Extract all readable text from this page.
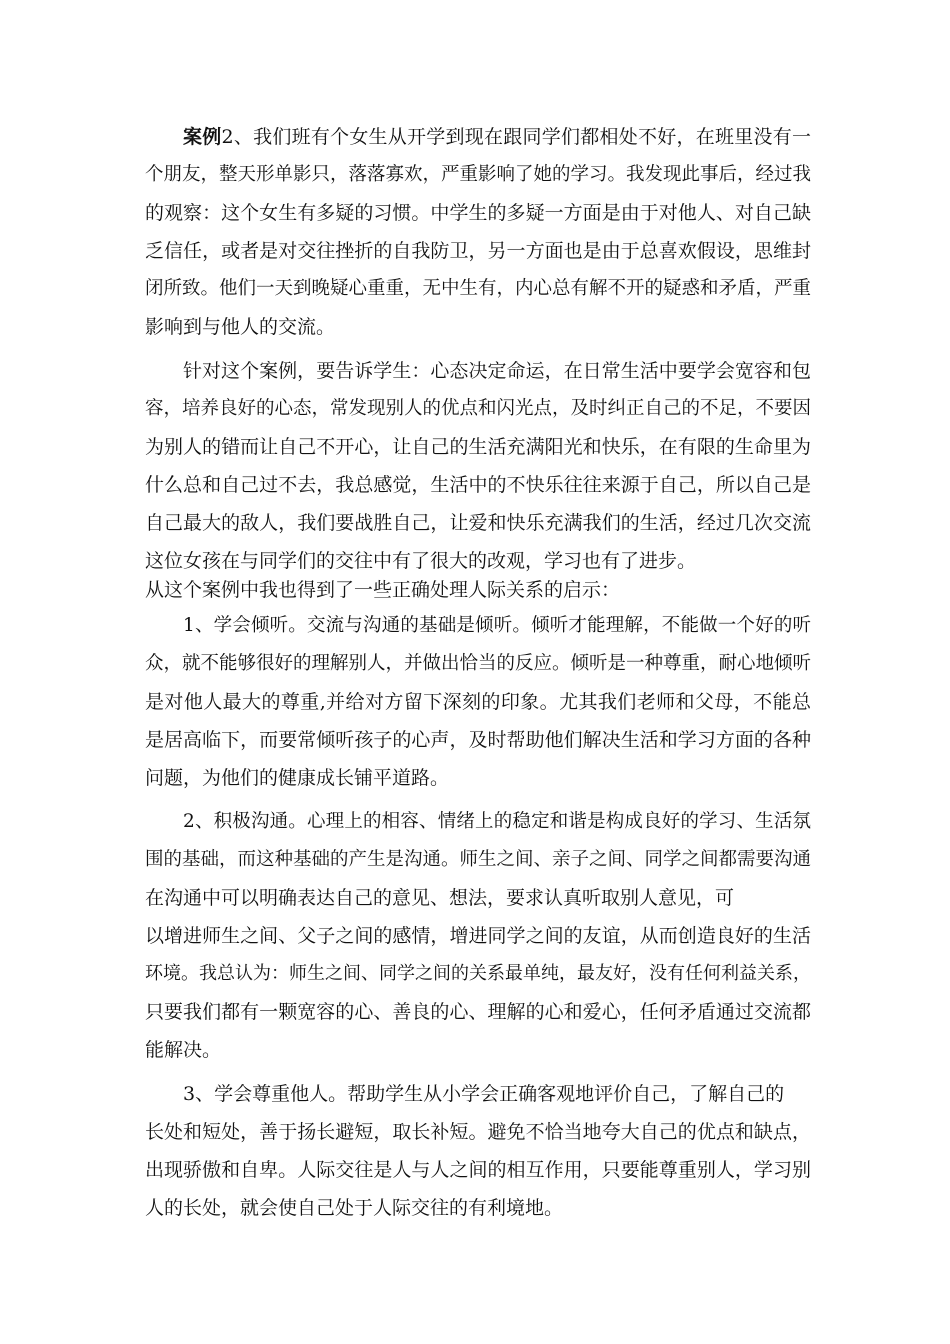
案例2、我们班有个女生从开学到现在跟同学们都相处不好，在班里没有一
个朋友，整天形单影只，落落寡欢，严重影响了她的学习。我发现此事后，经过我
的观察：这个女生有多疑的习惯。中学生的多疑一方面是由于对他人、对自己缺
乏信任，或者是对交往挫折的自我防卫，另一方面也是由于总喜欢假设，思维封
闭所致。他们一天到晚疑心重重，无中生有，内心总有解不开的疑惑和矛盾，严重
影响到与他人的交流。
针对这个案例，要告诉学生：心态决定命运，在日常生活中要学会宽容和包
容，培养良好的心态，常发现别人的优点和闪光点，及时纠正自己的不足，不要因
为别人的错而让自己不开心，让自己的生活充满阳光和快乐，在有限的生命里为
什么总和自己过不去，我总感觉，生活中的不快乐往往来源于自己，所以自己是
自己最大的敌人，我们要战胜自己，让爱和快乐充满我们的生活，经过几次交流
这位女孩在与同学们的交往中有了很大的改观，学习也有了进步。
从这个案例中我也得到了一些正确处理人际关系的启示：
1、学会倾听。交流与沟通的基础是倾听。倾听才能理解，不能做一个好的听
众，就不能够很好的理解别人，并做出恰当的反应。倾听是一种尊重，耐心地倾听
是对他人最大的尊重,并给对方留下深刻的印象。尤其我们老师和父母，不能总
是居高临下，而要常倾听孩子的心声，及时帮助他们解决生活和学习方面的各种
问题，为他们的健康成长铺平道路。
2、积极沟通。心理上的相容、情绪上的稳定和谐是构成良好的学习、生活氛
围的基础，而这种基础的产生是沟通。师生之间、亲子之间、同学之间都需要沟通
在沟通中可以明确表达自己的意见、想法，要求认真听取别人意见，可
以增进师生之间、父子之间的感情，增进同学之间的友谊，从而创造良好的生活
环境。我总认为：师生之间、同学之间的关系最单纯，最友好，没有任何利益关系，
只要我们都有一颗宽容的心、善良的心、理解的心和爱心，任何矛盾通过交流都
能解决。
3、学会尊重他人。帮助学生从小学会正确客观地评价自己，了解自己的
长处和短处，善于扬长避短，取长补短。避免不恰当地夸大自己的优点和缺点，
出现骄傲和自卑。人际交往是人与人之间的相互作用，只要能尊重别人，学习别
人的长处，就会使自己处于人际交往的有利境地。
